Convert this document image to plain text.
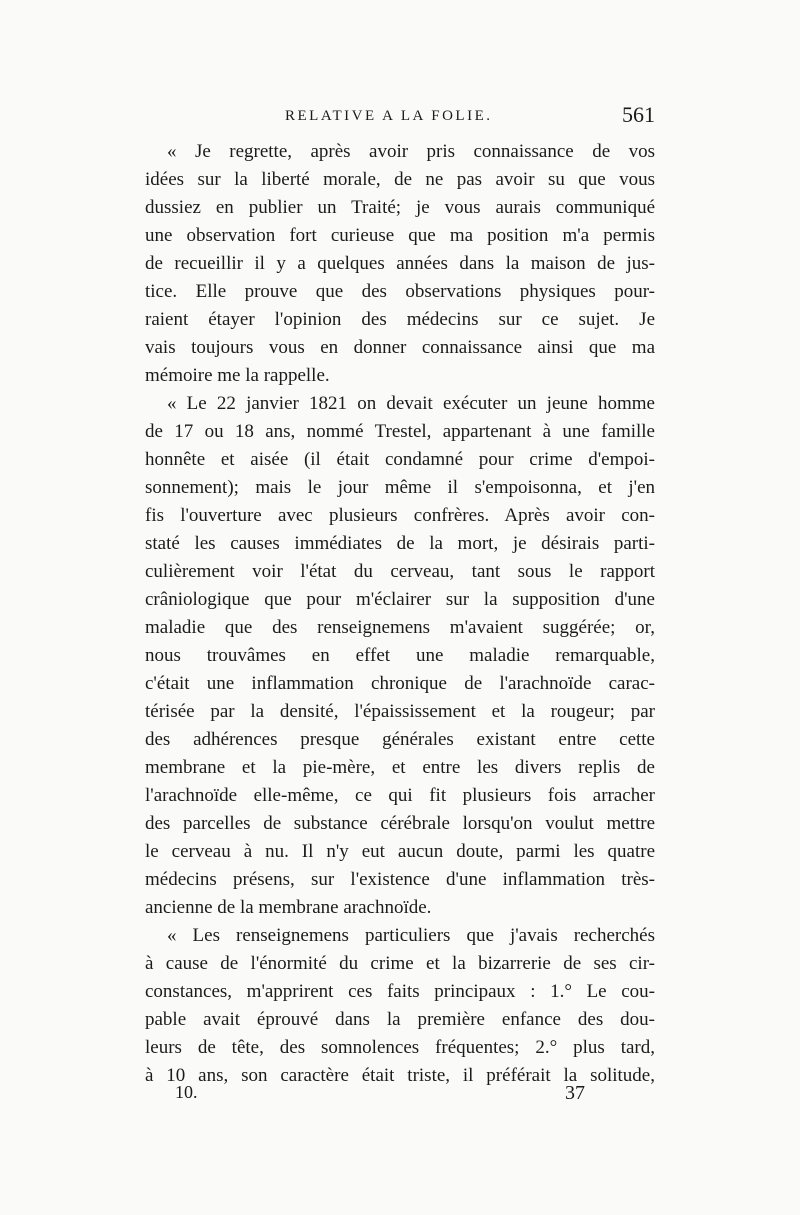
RELATIVE A LA FOLIE.	561
« Je regrette, après avoir pris connaissance de vos
idées sur la liberté morale, de ne pas avoir su que vous
dussiez en publier un Traité; je vous aurais communiqué
une observation fort curieuse que ma position m'a permis
de recueillir il y a quelques années dans la maison de jus-
tice. Elle prouve que des observations physiques pour-
raient étayer l'opinion des médecins sur ce sujet. Je
vais toujours vous en donner connaissance ainsi que ma
mémoire me la rappelle.
« Le 22 janvier 1821 on devait exécuter un jeune homme
de 17 ou 18 ans, nommé Trestel, appartenant à une famille
honnête et aisée (il était condamné pour crime d'empoi-
sonnement); mais le jour même il s'empoisonna, et j'en
fis l'ouverture avec plusieurs confrères. Après avoir con-
staté les causes immédiates de la mort, je désirais parti-
culièrement voir l'état du cerveau, tant sous le rapport
crâniologique que pour m'éclairer sur la supposition d'une
maladie que des renseignemens m'avaient suggérée; or,
nous trouvâmes en effet une maladie remarquable,
c'était une inflammation chronique de l'arachnoïde carac-
térisée par la densité, l'épaississement et la rougeur; par
des adhérences presque générales existant entre cette
membrane et la pie-mère, et entre les divers replis de
l'arachnoïde elle-même, ce qui fit plusieurs fois arracher
des parcelles de substance cérébrale lorsqu'on voulut mettre
le cerveau à nu. Il n'y eut aucun doute, parmi les quatre
médecins présens, sur l'existence d'une inflammation très-
ancienne de la membrane arachnoïde.
« Les renseignemens particuliers que j'avais recherchés
à cause de l'énormité du crime et la bizarrerie de ses cir-
constances, m'apprirent ces faits principaux : 1.° Le cou-
pable avait éprouvé dans la première enfance des dou-
leurs de tête, des somnolences fréquentes; 2.° plus tard,
à 10 ans, son caractère était triste, il préférait la solitude,
10.	37
